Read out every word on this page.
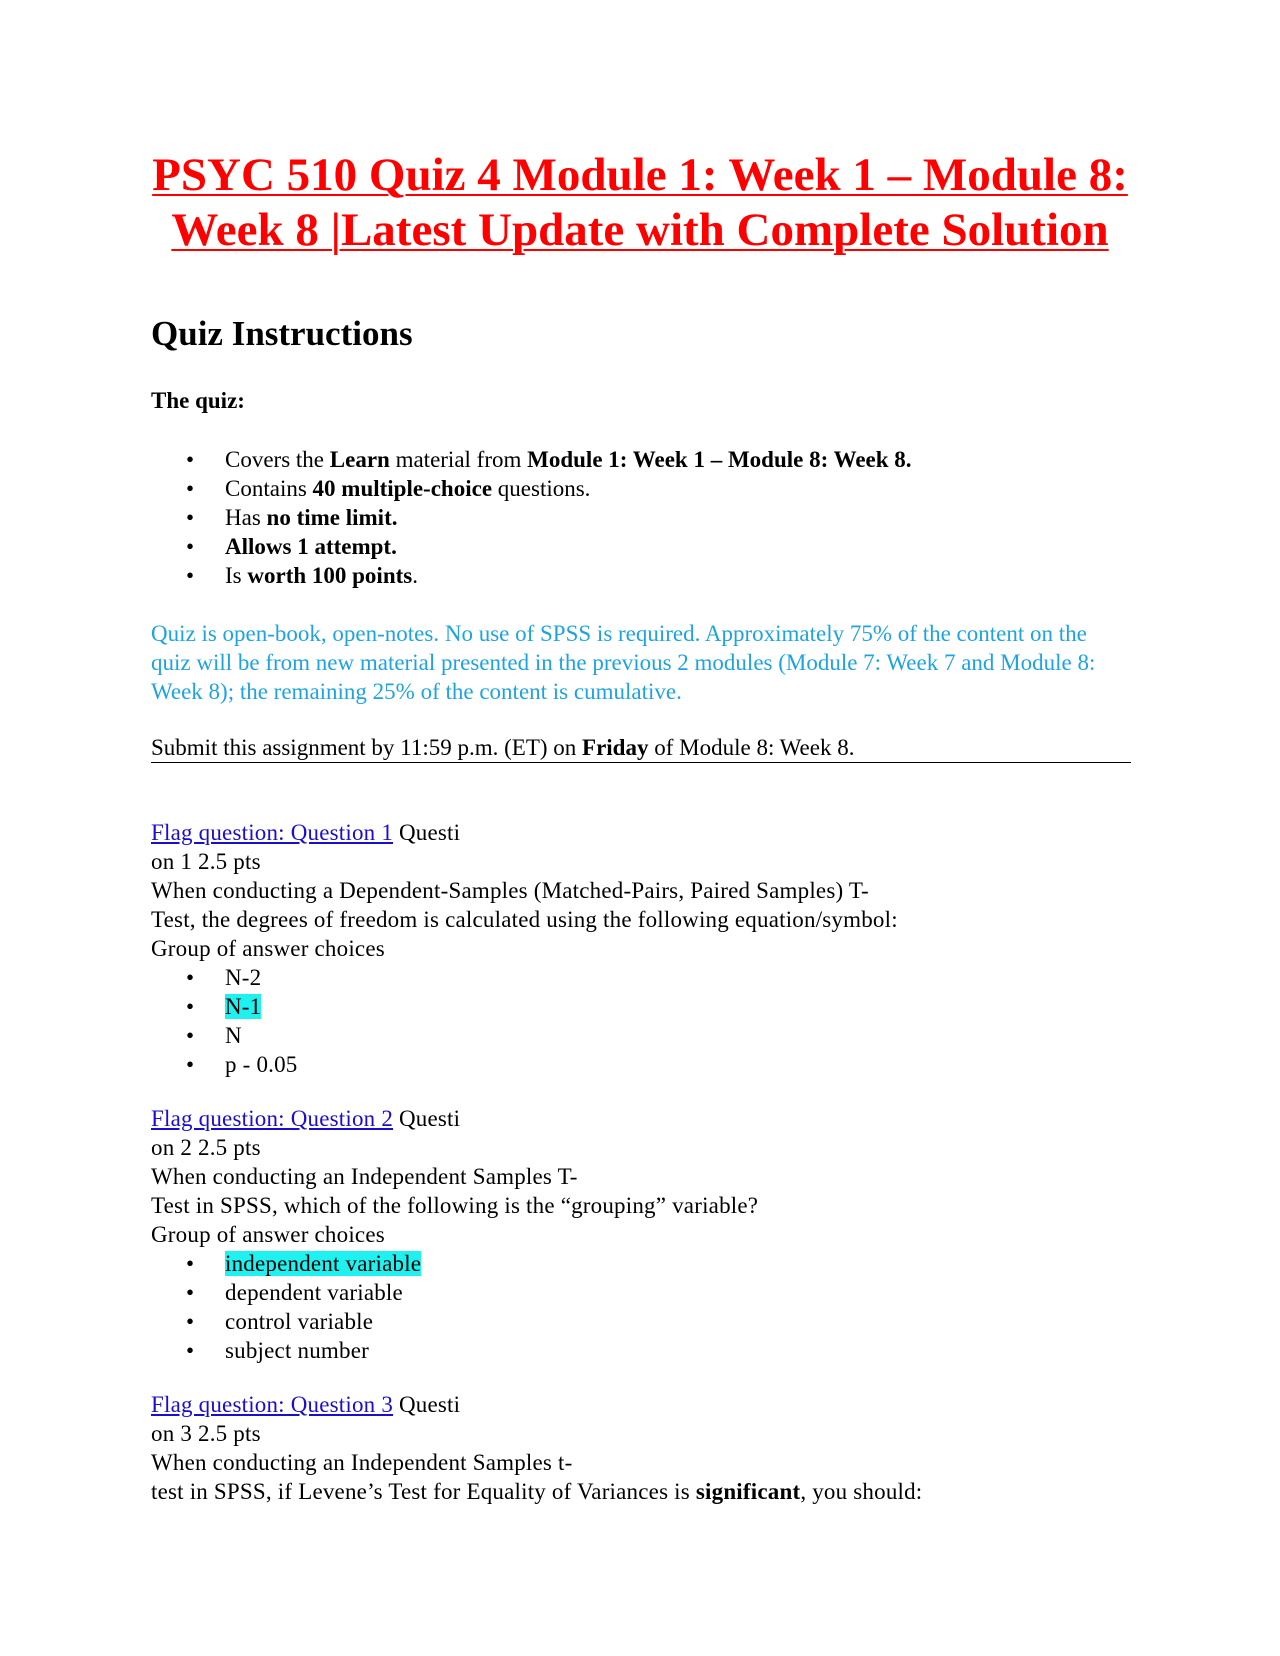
PSYC 510 Quiz 4 Module 1: Week 1 – Module 8:
Week 8 |Latest Update with Complete Solution
Quiz Instructions

The quiz:

• Covers the Learn material from Module 1: Week 1 – Module 8: Week 8.
• Contains 40 multiple-choice questions.
• Has no time limit.
• Allows 1 attempt.
• Is worth 100 points.

Quiz is open-book, open-notes. No use of SPSS is required. Approximately 75% of the content on the quiz will be from new material presented in the previous 2 modules (Module 7: Week 7 and Module 8: Week 8); the remaining 25% of the content is cumulative.

Submit this assignment by 11:59 p.m. (ET) on Friday of Module 8: Week 8.

Flag question: Question 1 Questi

on 1 2.5 pts

When conducting a Dependent-Samples (Matched-Pairs, Paired Samples) T-

Test, the degrees of freedom is calculated using the following equation/symbol:

Group of answer choices

• N-2
• N-1
• N
• p - 0.05

Flag question: Question 2 Questi

on 2 2.5 pts

When conducting an Independent Samples T-

Test in SPSS, which of the following is the “grouping” variable?

Group of answer choices

• independent variable
• dependent variable
• control variable
• subject number

Flag question: Question 3 Questi

on 3 2.5 pts

When conducting an Independent Samples t-

test in SPSS, if Levene’s Test for Equality of Variances is significant, you should:
